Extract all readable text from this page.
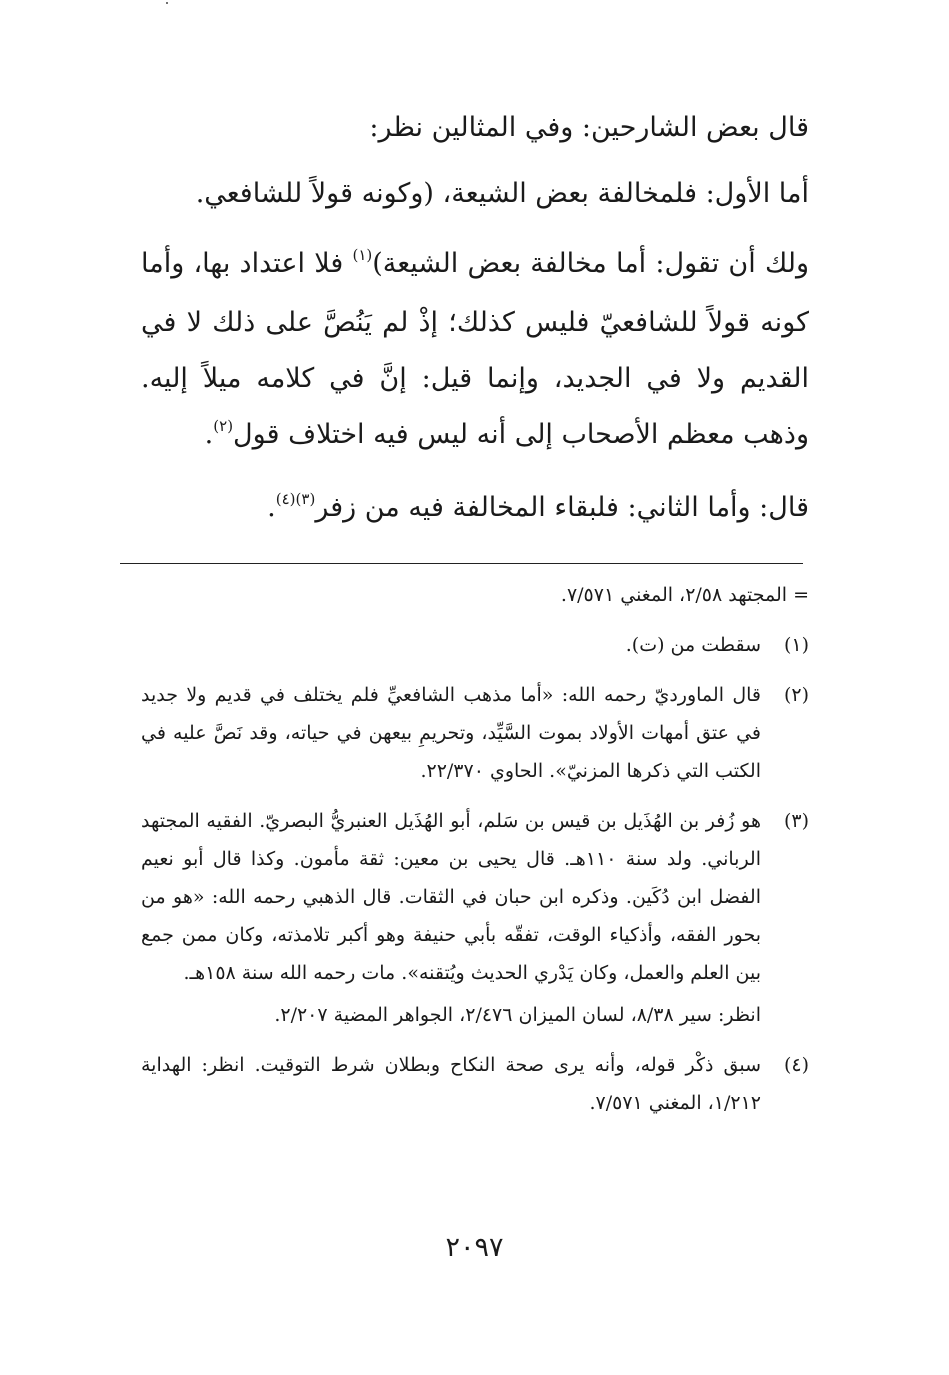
قال بعض الشارحين: وفي المثالين نظر:

أما الأول: فلمخالفة بعض الشيعة، (وكونه قولاً للشافعي.

ولك أن تقول: أما مخالفة بعض الشيعة)$^{(١)}$ فلا اعتداد بها، وأما كونه قولاً للشافعيّ فليس كذلك؛ إذْ لم يَنُصَّ على ذلك لا في القديم ولا في الجديد، وإنما قيل: إنَّ في كلامه ميلاً إليه. وذهب معظم الأصحاب إلى أنه ليس فيه اختلاف قول$^{(٢)}$.

قال: وأما الثاني: فلبقاء المخالفة فيه من زفر$^{(٣)(٤)}$.

= المجتهد ٢/٥٨، المغني ٧/٥٧١.
(١)
سقطت من (ت).
(٢)
قال الماورديّ رحمه الله: «أما مذهب الشافعيِّ فلم يختلف في قديم ولا جديد في عتق أمهات الأولاد بموت السَّيِّد، وتحريمِ بيعهن في حياته، وقد نَصَّ عليه في الكتب التي ذكرها المزنيّ». الحاوي ٢٢/٣٧٠.
(٣)
هو زُفر بن الهُذَيل بن قيس بن سَلم، أبو الهُذَيل العنبريُّ البصريّ. الفقيه المجتهد الرباني. ولد سنة ١١٠هـ. قال يحيى بن معين: ثقة مأمون. وكذا قال أبو نعيم الفضل ابن دُكَين. وذكره ابن حبان في الثقات. قال الذهبي رحمه الله: «هو من بحور الفقه، وأذكياء الوقت، تفقّه بأبي حنيفة وهو أكبر تلامذته، وكان ممن جمع بين العلم والعمل، وكان يَدْري الحديث ويُتقنه». مات رحمه الله سنة ١٥٨هـ.
انظر: سير ٨/٣٨، لسان الميزان ٢/٤٧٦، الجواهر المضية ٢/٢٠٧.
(٤)
سبق ذكْر قوله، وأنه يرى صحة النكاح وبطلان شرط التوقيت. انظر: الهداية ١/٢١٢، المغني ٧/٥٧١.
٢٠٩٧
